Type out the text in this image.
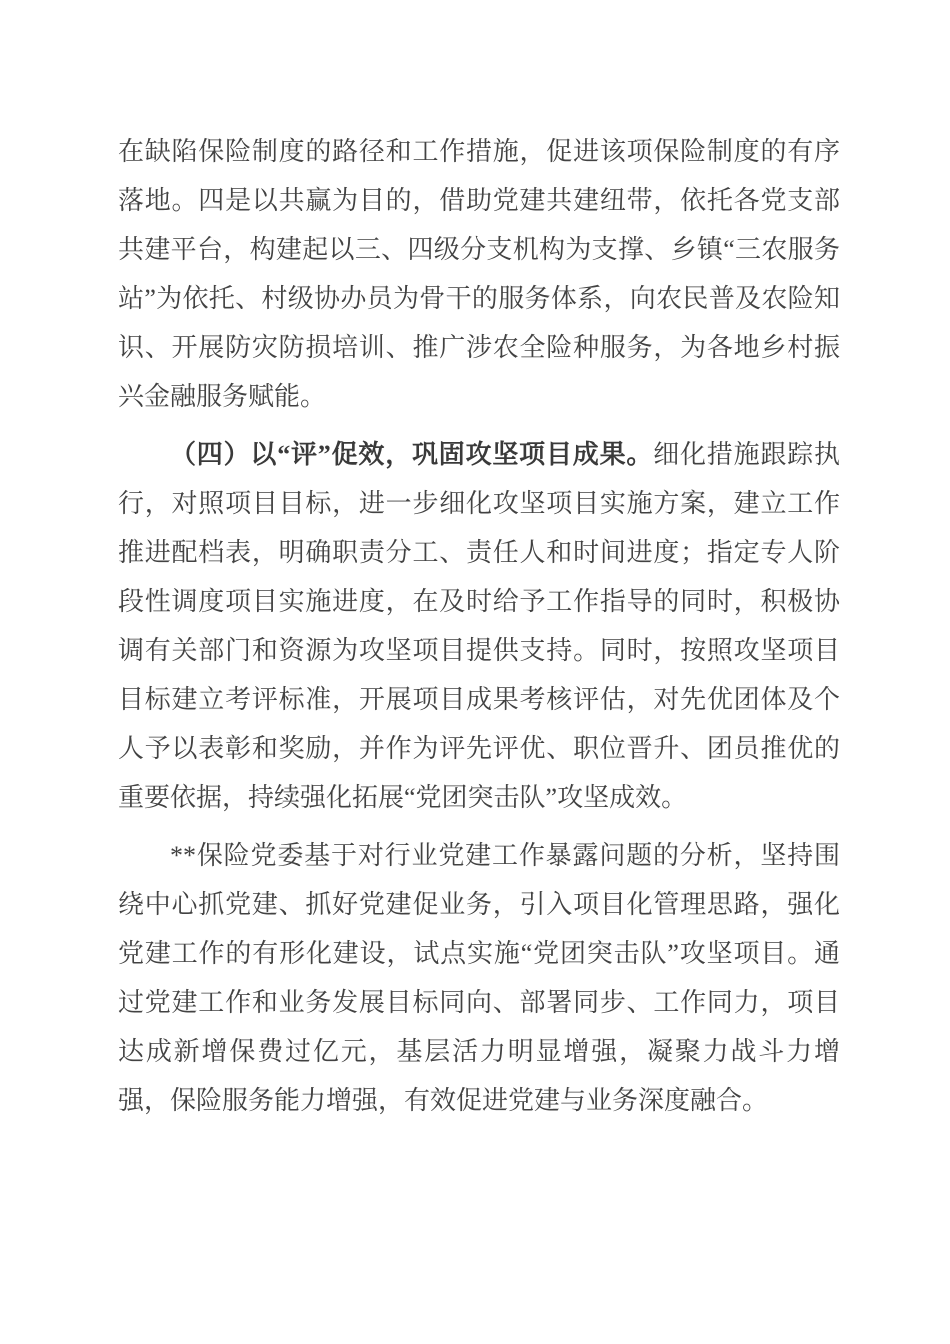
在缺陷保险制度的路径和工作措施，促进该项保险制度的有序落地。四是以共赢为目的，借助党建共建纽带，依托各党支部共建平台，构建起以三、四级分支机构为支撑、乡镇“三农服务站”为依托、村级协办员为骨干的服务体系，向农民普及农险知识、开展防灾防损培训、推广涉农全险种服务，为各地乡村振兴金融服务赋能。

（四）以“评”促效，巩固攻坚项目成果。细化措施跟踪执行，对照项目目标，进一步细化攻坚项目实施方案，建立工作推进配档表，明确职责分工、责任人和时间进度；指定专人阶段性调度项目实施进度，在及时给予工作指导的同时，积极协调有关部门和资源为攻坚项目提供支持。同时，按照攻坚项目目标建立考评标准，开展项目成果考核评估，对先优团体及个人予以表彰和奖励，并作为评先评优、职位晋升、团员推优的重要依据，持续强化拓展“党团突击队”攻坚成效。

**保险党委基于对行业党建工作暴露问题的分析，坚持围绕中心抓党建、抓好党建促业务，引入项目化管理思路，强化党建工作的有形化建设，试点实施“党团突击队”攻坚项目。通过党建工作和业务发展目标同向、部署同步、工作同力，项目达成新增保费过亿元，基层活力明显增强，凝聚力战斗力增强，保险服务能力增强，有效促进党建与业务深度融合。
